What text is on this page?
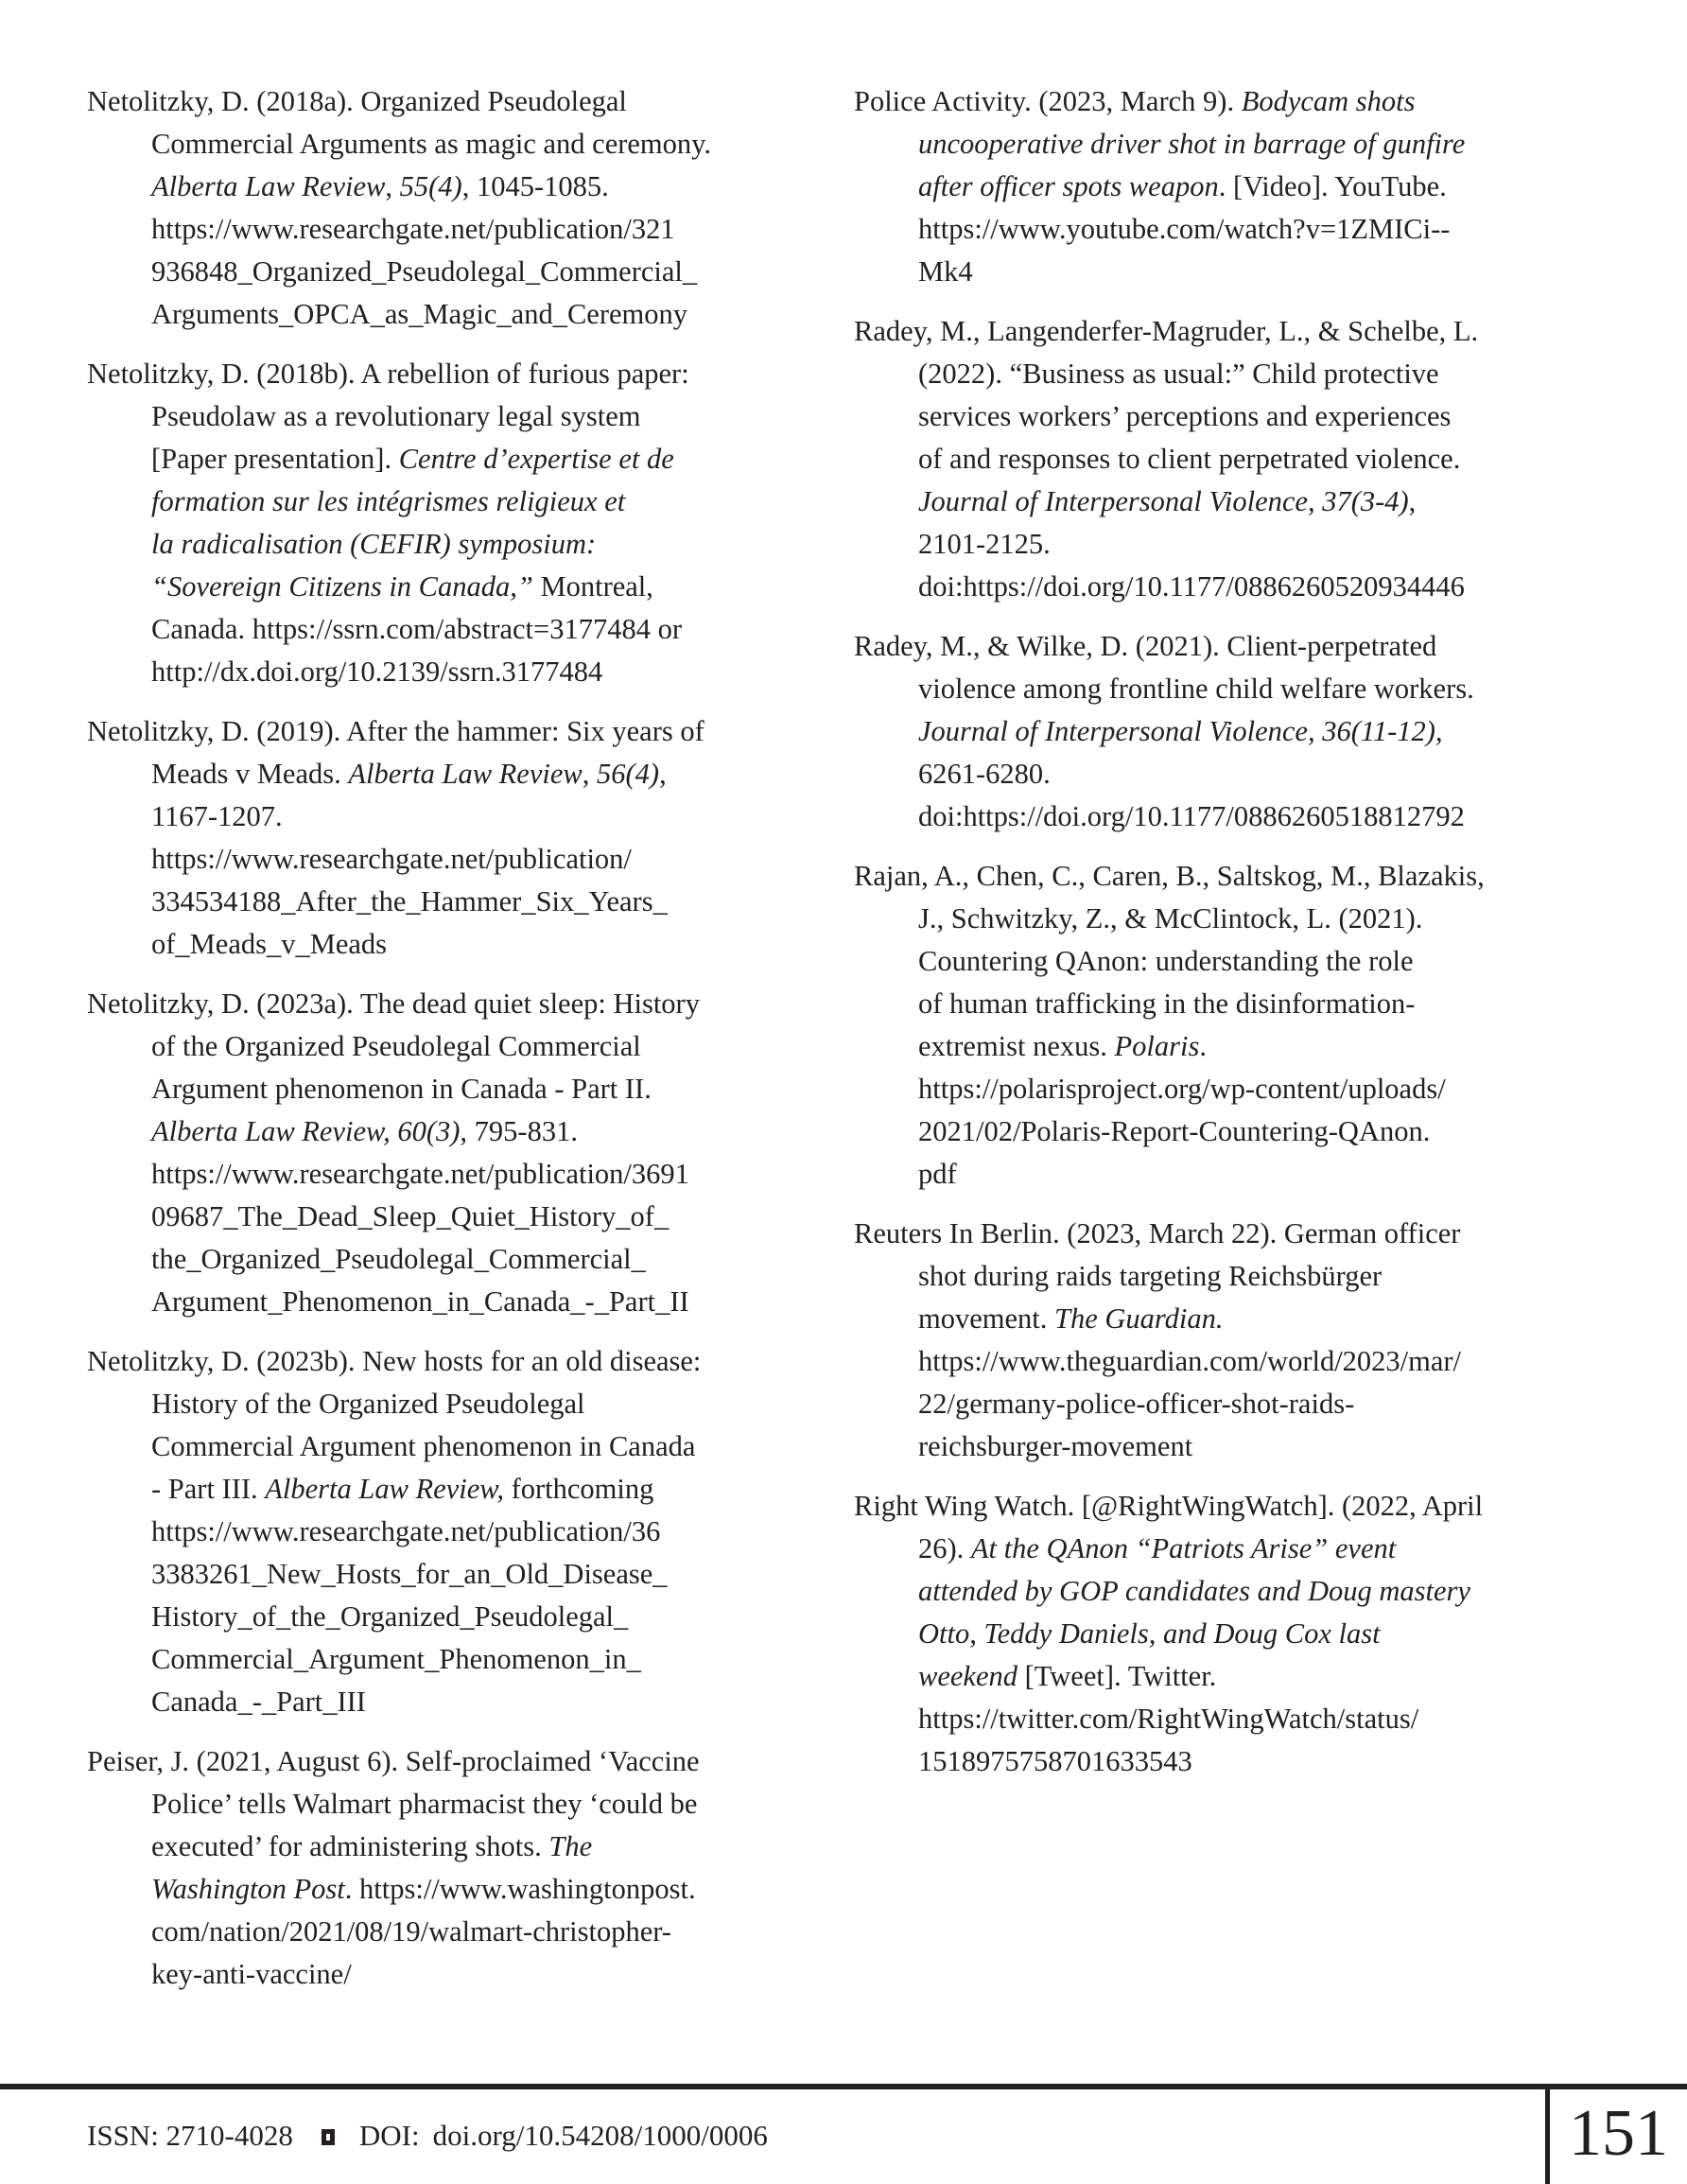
Netolitzky, D. (2018a). Organized Pseudolegal
Commercial Arguments as magic and ceremony.
Alberta Law Review, 55(4), 1045-1085.
https://www.researchgate.net/publication/321
936848_Organized_Pseudolegal_Commercial_
Arguments_OPCA_as_Magic_and_Ceremony
Netolitzky, D. (2018b). A rebellion of furious paper:
Pseudolaw as a revolutionary legal system
[Paper presentation]. Centre d’expertise et de
formation sur les intégrismes religieux et
la radicalisation (CEFIR) symposium:
“Sovereign Citizens in Canada,” Montreal,
Canada. https://ssrn.com/abstract=3177484 or
http://dx.doi.org/10.2139/ssrn.3177484
Netolitzky, D. (2019). After the hammer: Six years of
Meads v Meads. Alberta Law Review, 56(4),
1167-1207.
https://www.researchgate.net/publication/
334534188_After_the_Hammer_Six_Years_
of_Meads_v_Meads
Netolitzky, D. (2023a). The dead quiet sleep: History
of the Organized Pseudolegal Commercial
Argument phenomenon in Canada - Part II.
Alberta Law Review, 60(3), 795-831.
https://www.researchgate.net/publication/3691
09687_The_Dead_Sleep_Quiet_History_of_
the_Organized_Pseudolegal_Commercial_
Argument_Phenomenon_in_Canada_-_Part_II
Netolitzky, D. (2023b). New hosts for an old disease:
History of the Organized Pseudolegal
Commercial Argument phenomenon in Canada
- Part III. Alberta Law Review, forthcoming
https://www.researchgate.net/publication/36
3383261_New_Hosts_for_an_Old_Disease_
History_of_the_Organized_Pseudolegal_
Commercial_Argument_Phenomenon_in_
Canada_-_Part_III
Peiser, J. (2021, August 6). Self-proclaimed ‘Vaccine
Police’ tells Walmart pharmacist they ‘could be
executed’ for administering shots. The
Washington Post. https://www.washingtonpost.
com/nation/2021/08/19/walmart-christopher-
key-anti-vaccine/
Police Activity. (2023, March 9). Bodycam shots
uncooperative driver shot in barrage of gunfire
after officer spots weapon. [Video]. YouTube.
https://www.youtube.com/watch?v=1ZMICi--
Mk4
Radey, M., Langenderfer-Magruder, L., & Schelbe, L.
(2022). “Business as usual:” Child protective
services workers’ perceptions and experiences
of and responses to client perpetrated violence.
Journal of Interpersonal Violence, 37(3-4),
2101-2125.
doi:https://doi.org/10.1177/0886260520934446
Radey, M., & Wilke, D. (2021). Client-perpetrated
violence among frontline child welfare workers.
Journal of Interpersonal Violence, 36(11-12),
6261-6280.
doi:https://doi.org/10.1177/0886260518812792
Rajan, A., Chen, C., Caren, B., Saltskog, M., Blazakis,
J., Schwitzky, Z., & McClintock, L. (2021).
Countering QAnon: understanding the role
of human trafficking in the disinformation-
extremist nexus. Polaris.
https://polarisproject.org/wp-content/uploads/
2021/02/Polaris-Report-Countering-QAnon.
pdf
Reuters In Berlin. (2023, March 22). German officer
shot during raids targeting Reichsbürger
movement. The Guardian.
https://www.theguardian.com/world/2023/mar/
22/germany-police-officer-shot-raids-
reichsburger-movement
Right Wing Watch. [@RightWingWatch]. (2022, April
26). At the QAnon “Patriots Arise” event
attended by GOP candidates and Doug mastery
Otto, Teddy Daniels, and Doug Cox last
weekend [Tweet]. Twitter.
https://twitter.com/RightWingWatch/status/
1518975758701633543
ISSN: 2710-4028 DOI: doi.org/10.54208/1000/0006	151
